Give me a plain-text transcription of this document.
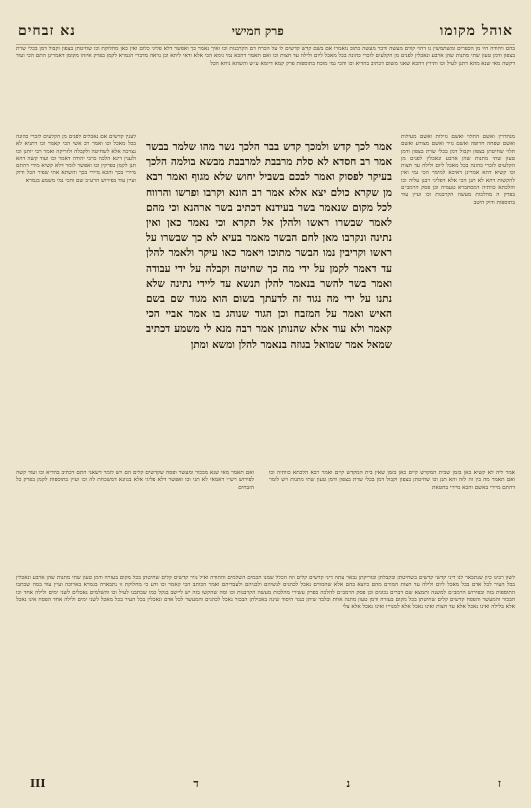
אוהל מקומו
פרק חמישי
נא זבחים
בהם ויהודה היו מן הכפרים ומשתמשין נו דהוי קודם מעשה ודבר מעשה כתוב נואמרו אם בשם קדש קדשים לו על הכרח דם הקרבנות וכו ואיך נאמר כך ואפשר דלא פליגי כלום ואין כאן מחלוקת וכו שחיטתן בצפון וקבול דמן בכלי שרת בצפון ודמן טעון שתי מתנות שהן ארבע ונאכלין לפנים מן הקלעים לזכרי כהונה בכל מאכל ליום ולילה עד חצות וכו ואם תאמר דהכא נמי נימא הכי אלא ודאי ליתא וכן נראה מדברי הגמרא לקמן בפרק איזהו מקומן דאמרינן התם הכי ועוד דקשה מאי שנא מהא דתנן לעיל וכו ותירץ דהכא שאני משום דכתיב בהדיא וכו והכי נמי מוכח בתוספות פרק קמא דיומא ע״ש והשתא ניחא הכל
מנהדרין ואשם התלוי ואשם גזילות ואשם מעילות ואשם שפחה חרופה ואשם נזיר ואשם מצורע ואשם תלוי שחיטתן בצפון וקבול דמן בכלי שרת בצפון ודמן טעון שתי מתנות שהן ארבע ונאכלין לפנים מן הקלעים לזכרי כהונה בכל מאכל ליום ולילה עד חצות וכו קשיא דהא אמרינן דאיכא למימר הכי נמי ואין להקשות דהא לא תנן הכי אלא דפליגי רבנן עליה וכו והלכתא כוותיה דמסתברא טעמיה וכן פסק הרמב״ם בפרק ה מהלכות מעשה הקרבנות וכו ועיין עוד בתוספות ודוק היטב
אמר לכך קדש ולמכך קדש בבר הלכך נשר מהו שלמר בבשר אמר רב חסדא לא סלת מרבבת למרבבת מבשא בולמה הלכך בעיקר לפסוק ואמר לבכם בשביל יחוש שלא מגוף ואמר רבא מן שקרא כולם יצא אלא אמר רב הונא וקרבו ופרשו והרווח לכל מקום שנאמר בשר בעידנא דכתיב בשר ארהנא וכי מהם לאמר שבשרו ראשו ולהלן אל תקרא וכי נאמר כאן ואין נתינה ונקרבו מאן לחם הבשר מאמר בעיא לא כך שבשרו על ראשו וקריבין נמו הבשר מתוכו ויאמר כאו עיקר ולאמר להלן עד דאמר לקמן על ידי מה כך שחיטה וקבלה על ידי עבודה ואמר בשר להשר בנאמר להלן תנשא עד ליידי נתינה שלא נתנו על ידי מה נגוד זה לדעתך בשום הוא מגוד שם בשם האיש ואמר על המזבח וכן הגוד שנוהג בו אמר אביי הכי קאמר ולא עוד אלא שהנותן אמר רבה מנא לי משמע דכתיב שמאל אמר שמואל בגוזה בנאמר להלן ומשא ומתן
לענין קדשים אם נאכלים לפנים מן הקלעים לזכרי כהונה בכל מאכל וכו ואמר רב אשי הכי קאמר וכו דתניא לא נצרכה אלא לשחיטה ולקבלה ולזריקה ואמר רבי יוחנן וכו ולענין דינא הלכה כרבי יהודה דאמר וכו ועוד קשה דהא תנן לקמן בפרקין וכו ואפשר לומר דלא קשיא מידי דהתם מיירי בכך והכא מיירי בכך והשתא אתי שפיר הכל ודוק ועיין עוד בפירוש הרע״ב שם והכי נמי משמע בגמרא
אמר ליה לא קשיא כאן בזמן שבית המקדש קיים כאן בזמן שאין בית המקדש קיים ואמר רבא הלכתא כוותיה וכו ואם תאמר מה בין זה לזה והא תנן וכו שחיטתן בצפון וקבול דמן בכלי שרת בצפון ודמן טעון שתי מתנות ויש לומר דהתם מיירי באשם והכא מיירי בחטאת
ואם תאמר מאי שנא מבכור ומעשר ופסח שקדשים קלים הם ויש לומר דשאני התם דכתיב בהדיא וכו ועוד קשה לפירוש רש״י דאמאי לא תני וכו ואפשר דלא פליגי אלא בגוונא דמשכחת לה וכו ועיין בתוספות לקמן בפרק כל הזבחים
לשון רבינו כיון שנתבאר לנו דיני קדשי קדשים בשחיטתן ובקבלתן ובזריקתן נבאר עתה דיני קדשים קלים וזה הכלל שמנו חכמים השלמים והתודה ואיל נזיר קדשים קלים שחיטתן בכל מקום בעזרה ודמן טעון שתי מתנות שהן ארבע ונאכלין בכל העיר לכל אדם בכל מאכל ליום ולילה עד חצות המורם מהם כיוצא בהם אלא שהמורם נאכל לכהנים לנשיהם ולבניהם ולעבדיהם ואמר הכותב הכי קאמר וכו ודע כי מחלוקת זו נתבארה בגמרא בארוכה ועיין עוד במה שכתבו התוספות בזה ובפירוש הרמב״ם למשנה ותמצא שם דברים נכונים וכן פסק הרמב״ם להלכה בפרק עשירי מהלכות מעשה הקרבנות וכו ומה שהקשו בזה יש ליישב בנקל כמו שכתבנו לעיל וכו והשלמים נאכלים לשני ימים ולילה אחד וכו הבכור והמעשר והפסח קדשים קלים שחיטתן בכל מקום בעזרה ודמן טעון מתנה אחת ובלבד שיתן כנגד היסוד שינה באכילתן הבכור נאכל לכהנים והמעשר לכל אדם ונאכלין בכל העיר בכל מאכל לשני ימים ולילה אחד הפסח אינו נאכל אלא בלילה ואינו נאכל אלא עד חצות ואינו נאכל אלא למנוייו ואינו נאכל אלא צלי
ז
נ
ד
III
